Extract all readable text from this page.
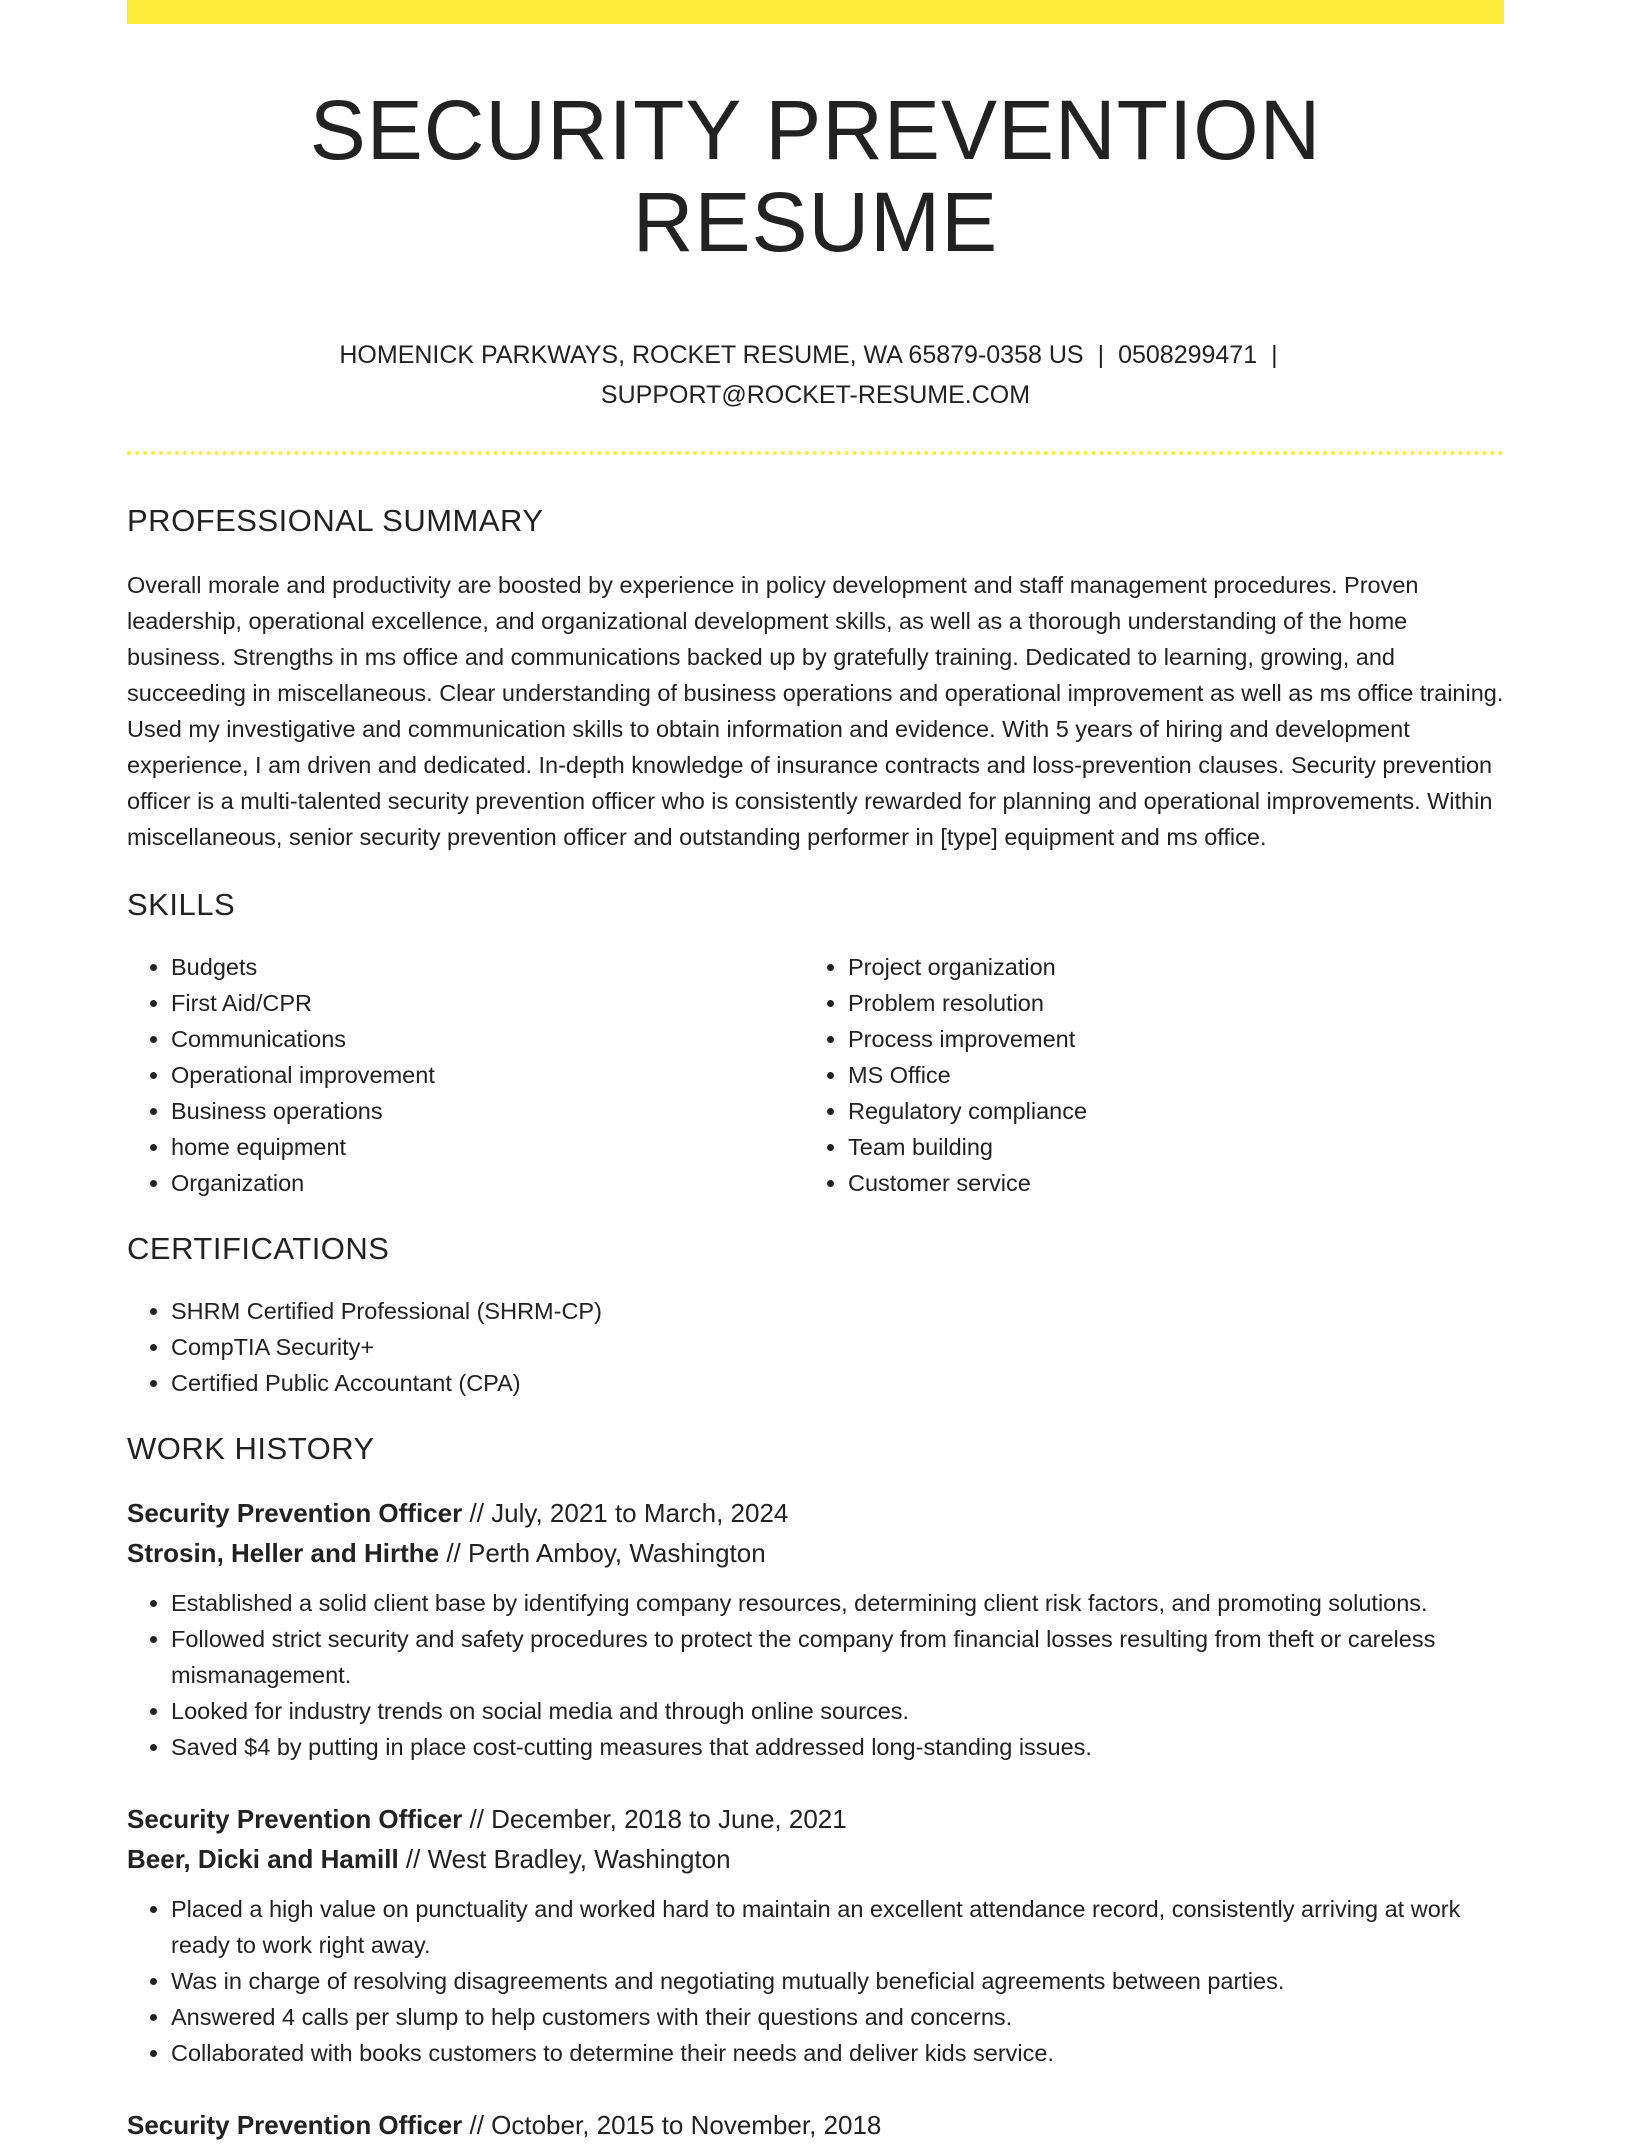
SECURITY PREVENTION RESUME
HOMENICK PARKWAYS, ROCKET RESUME, WA 65879-0358 US | 0508299471 |
SUPPORT@ROCKET-RESUME.COM
PROFESSIONAL SUMMARY

Overall morale and productivity are boosted by experience in policy development and staff management procedures. Proven leadership, operational excellence, and organizational development skills, as well as a thorough understanding of the home business. Strengths in ms office and communications backed up by gratefully training. Dedicated to learning, growing, and succeeding in miscellaneous. Clear understanding of business operations and operational improvement as well as ms office training. Used my investigative and communication skills to obtain information and evidence. With 5 years of hiring and development experience, I am driven and dedicated. In-depth knowledge of insurance contracts and loss-prevention clauses. Security prevention officer is a multi-talented security prevention officer who is consistently rewarded for planning and operational improvements. Within miscellaneous, senior security prevention officer and outstanding performer in [type] equipment and ms office.

SKILLS
• Budgets
• First Aid/CPR
• Communications
• Operational improvement
• Business operations
• home equipment
• Organization
• Project organization
• Problem resolution
• Process improvement
• MS Office
• Regulatory compliance
• Team building
• Customer service
CERTIFICATIONS
• SHRM Certified Professional (SHRM-CP)
• CompTIA Security+
• Certified Public Accountant (CPA)
WORK HISTORY
Security Prevention Officer // July, 2021 to March, 2024
Strosin, Heller and Hirthe // Perth Amboy, Washington
• Established a solid client base by identifying company resources, determining client risk factors, and promoting solutions.
• Followed strict security and safety procedures to protect the company from financial losses resulting from theft or careless mismanagement.
• Looked for industry trends on social media and through online sources.
• Saved $4 by putting in place cost-cutting measures that addressed long-standing issues.
Security Prevention Officer // December, 2018 to June, 2021
Beer, Dicki and Hamill // West Bradley, Washington
• Placed a high value on punctuality and worked hard to maintain an excellent attendance record, consistently arriving at work ready to work right away.
• Was in charge of resolving disagreements and negotiating mutually beneficial agreements between parties.
• Answered 4 calls per slump to help customers with their questions and concerns.
• Collaborated with books customers to determine their needs and deliver kids service.
Security Prevention Officer // October, 2015 to November, 2018
